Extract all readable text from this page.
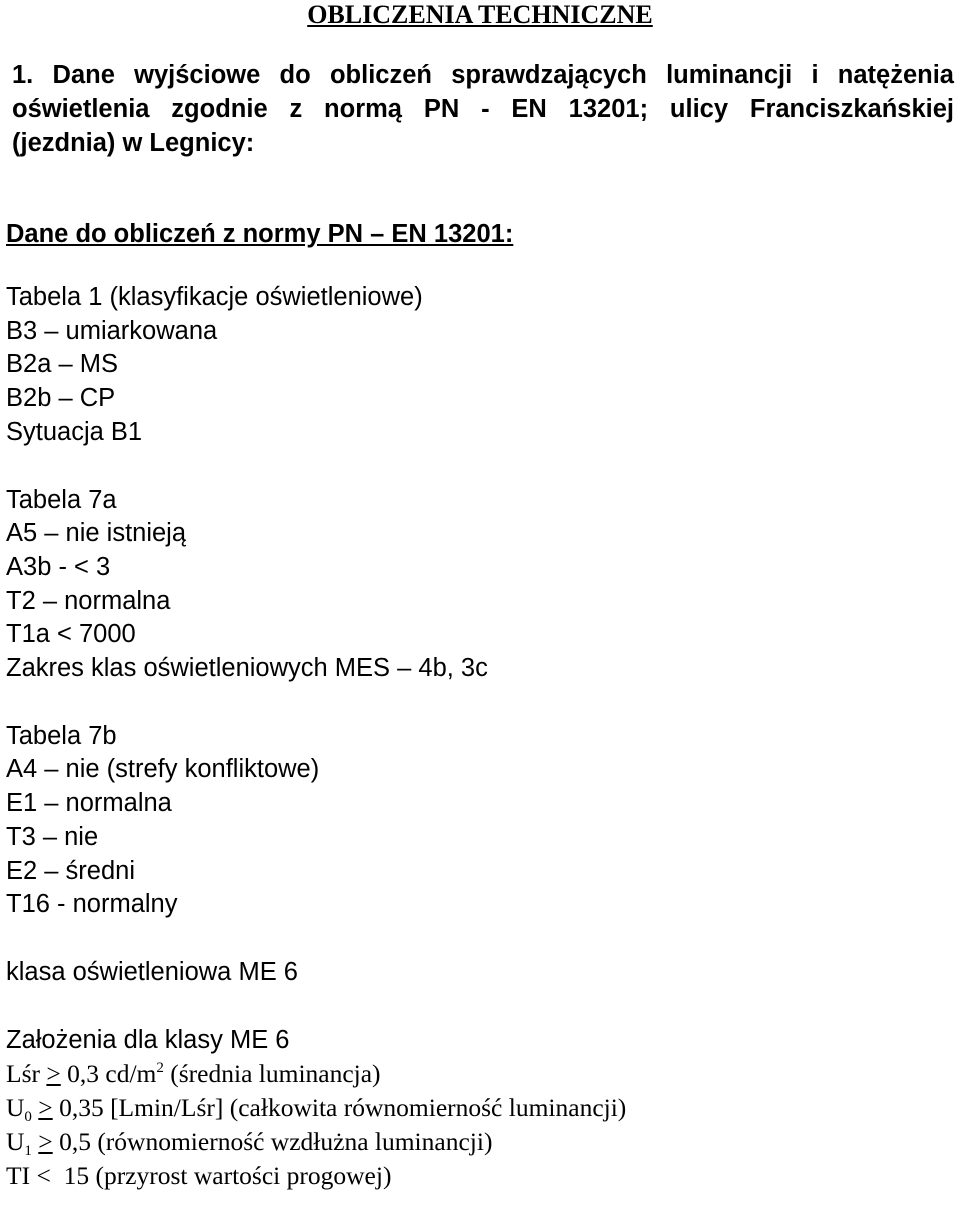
OBLICZENIA TECHNICZNE
1. Dane wyjściowe do obliczeń sprawdzających luminancji i natężenia
oświetlenia zgodnie z normą PN - EN 13201; ulicy Franciszkańskiej
(jezdnia) w Legnicy:
Dane do obliczeń z normy PN – EN 13201:
Tabela 1 (klasyfikacje oświetleniowe)
B3 – umiarkowana
B2a – MS
B2b – CP
Sytuacja B1
Tabela 7a
A5 – nie istnieją
A3b - < 3
T2 – normalna
T1a < 7000
Zakres klas oświetleniowych MES – 4b, 3c
Tabela 7b
A4 – nie (strefy konfliktowe)
E1 – normalna
T3 – nie
E2 – średni
T16 - normalny
klasa oświetleniowa ME 6
Założenia dla klasy ME 6
Lśr ≥ 0,3 $cd/m^2$ (średnia luminancja)
$U_0 \ge 0,35$ [Lmin/Lśr] (całkowita równomierność luminancji)
$U_1 \ge 0,5$ (równomierność wzdłużna luminancji)
TI <  15 (przyrost wartości progowej)
